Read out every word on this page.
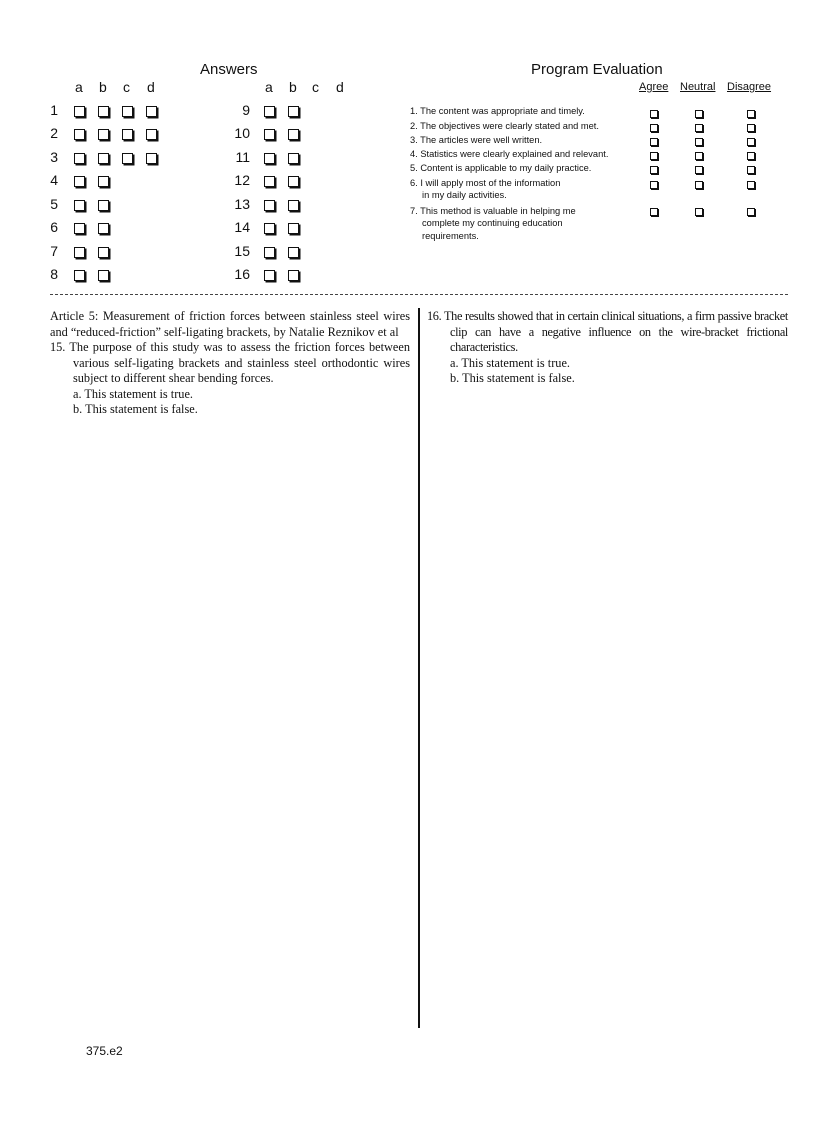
Answers
a b c d	a b c d
1
2
3
4
5
6
7
8
9
10
11
12
13
14
15
16
Program Evaluation
Agree Neutral Disagree
1. The content was appropriate and timely.
2. The objectives were clearly stated and met.
3. The articles were well written.
4. Statistics were clearly explained and relevant.
5. Content is applicable to my daily practice.
6. I will apply most of the information
in my daily activities.
7. This method is valuable in helping me
complete my continuing education
requirements.
Article 5: Measurement of friction forces between stainless steel wires and “reduced-friction” self-ligating brackets, by Natalie Reznikov et al
15. The purpose of this study was to assess the friction forces between various self-ligating brackets and stainless steel orthodontic wires subject to different shear bending forces.
a. This statement is true.
b. This statement is false.
16. The results showed that in certain clinical situations, a firm passive bracket clip can have a negative influence on the wire-bracket frictional characteristics.
a. This statement is true.
b. This statement is false.
375.e2
